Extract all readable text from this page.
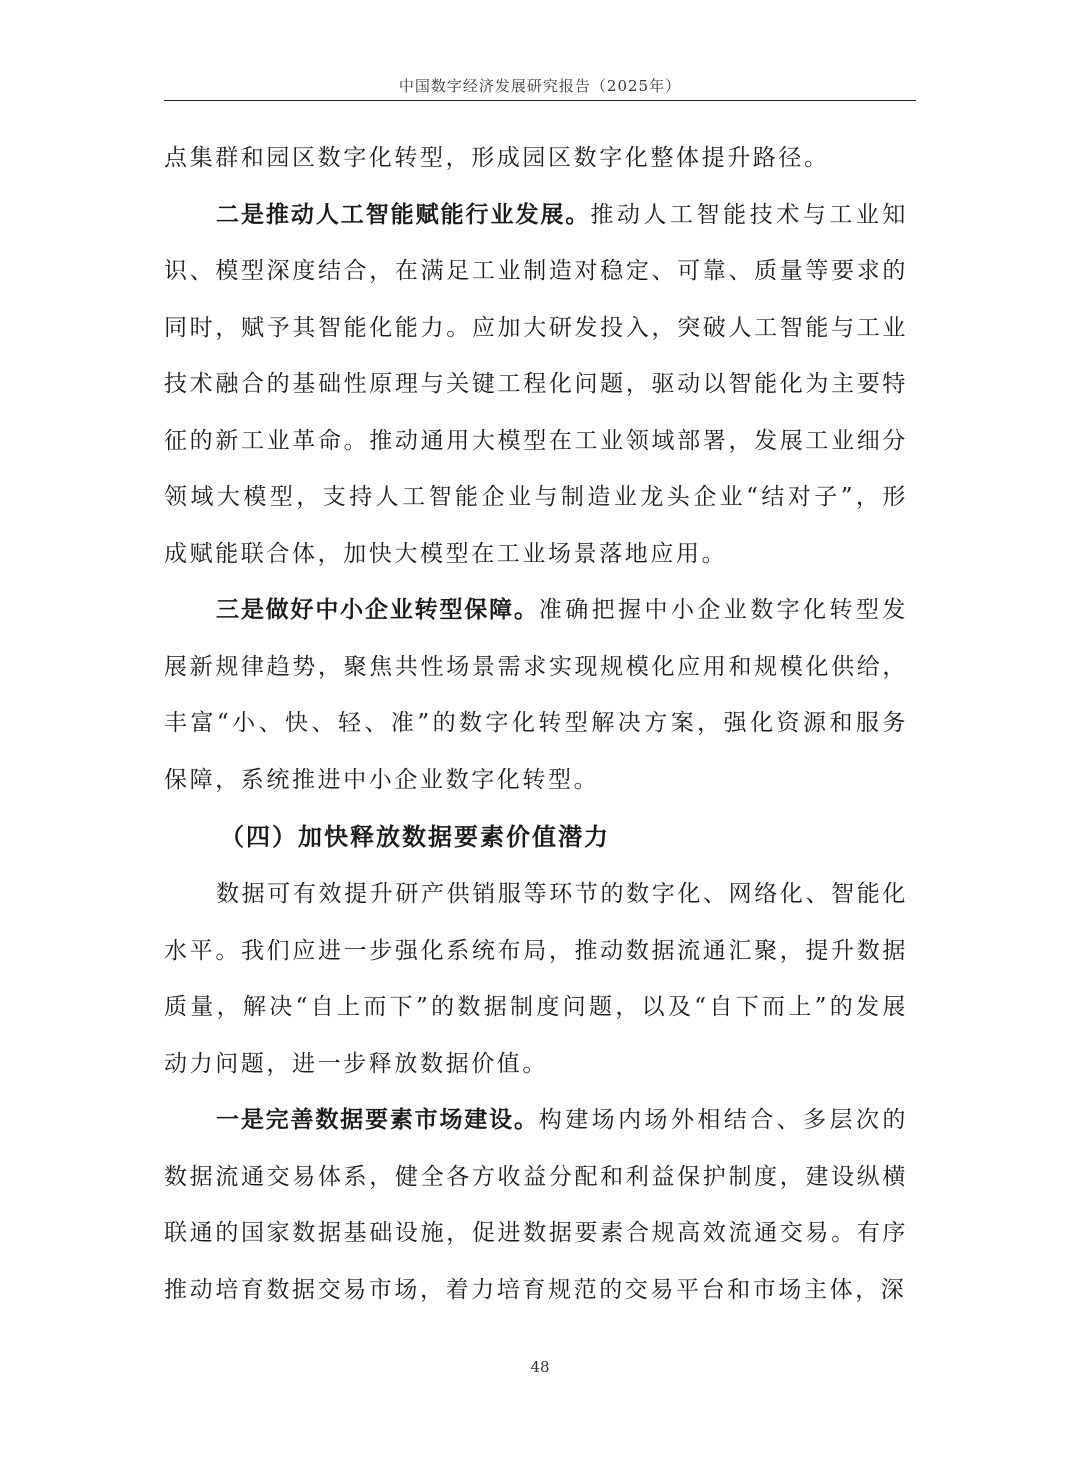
中国数字经济发展研究报告（2025年）

点集群和园区数字化转型，形成园区数字化整体提升路径。

二是推动人工智能赋能行业发展。推动人工智能技术与工业知识、模型深度结合，在满足工业制造对稳定、可靠、质量等要求的同时，赋予其智能化能力。应加大研发投入，突破人工智能与工业技术融合的基础性原理与关键工程化问题，驱动以智能化为主要特征的新工业革命。推动通用大模型在工业领域部署，发展工业细分领域大模型，支持人工智能企业与制造业龙头企业“结对子”，形成赋能联合体，加快大模型在工业场景落地应用。

三是做好中小企业转型保障。准确把握中小企业数字化转型发展新规律趋势，聚焦共性场景需求实现规模化应用和规模化供给，丰富“小、快、轻、准”的数字化转型解决方案，强化资源和服务保障，系统推进中小企业数字化转型。

（四）加快释放数据要素价值潜力

数据可有效提升研产供销服等环节的数字化、网络化、智能化水平。我们应进一步强化系统布局，推动数据流通汇聚，提升数据质量，解决“自上而下”的数据制度问题，以及“自下而上”的发展动力问题，进一步释放数据价值。

一是完善数据要素市场建设。构建场内场外相结合、多层次的数据流通交易体系，健全各方收益分配和利益保护制度，建设纵横联通的国家数据基础设施，促进数据要素合规高效流通交易。有序推动培育数据交易市场，着力培育规范的交易平台和市场主体，深

48
